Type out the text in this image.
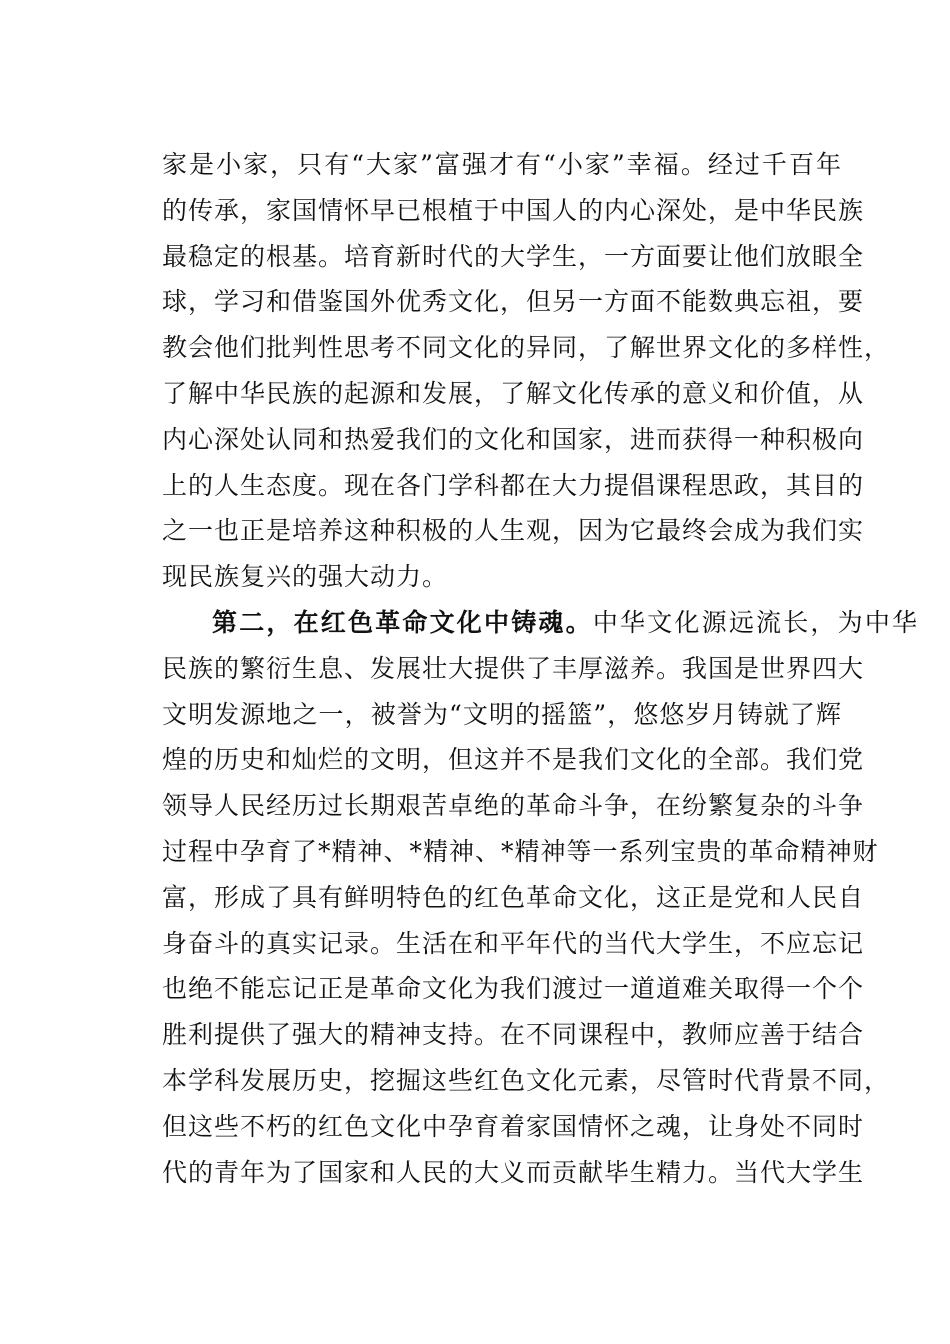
家是小家，只有“大家”富强才有“小家”幸福。经过千百年
的传承，家国情怀早已根植于中国人的内心深处，是中华民族
最稳定的根基。培育新时代的大学生，一方面要让他们放眼全
球，学习和借鉴国外优秀文化，但另一方面不能数典忘祖，要
教会他们批判性思考不同文化的异同，了解世界文化的多样性，
了解中华民族的起源和发展，了解文化传承的意义和价值，从
内心深处认同和热爱我们的文化和国家，进而获得一种积极向
上的人生态度。现在各门学科都在大力提倡课程思政，其目的
之一也正是培养这种积极的人生观，因为它最终会成为我们实
现民族复兴的强大动力。
第二，在红色革命文化中铸魂。中华文化源远流长，为中华
民族的繁衍生息、发展壮大提供了丰厚滋养。我国是世界四大
文明发源地之一，被誉为“文明的摇篮”，悠悠岁月铸就了辉
煌的历史和灿烂的文明，但这并不是我们文化的全部。我们党
领导人民经历过长期艰苦卓绝的革命斗争，在纷繁复杂的斗争
过程中孕育了*精神、*精神、*精神等一系列宝贵的革命精神财
富，形成了具有鲜明特色的红色革命文化，这正是党和人民自
身奋斗的真实记录。生活在和平年代的当代大学生，不应忘记
也绝不能忘记正是革命文化为我们渡过一道道难关取得一个个
胜利提供了强大的精神支持。在不同课程中，教师应善于结合
本学科发展历史，挖掘这些红色文化元素，尽管时代背景不同，
但这些不朽的红色文化中孕育着家国情怀之魂，让身处不同时
代的青年为了国家和人民的大义而贡献毕生精力。当代大学生
